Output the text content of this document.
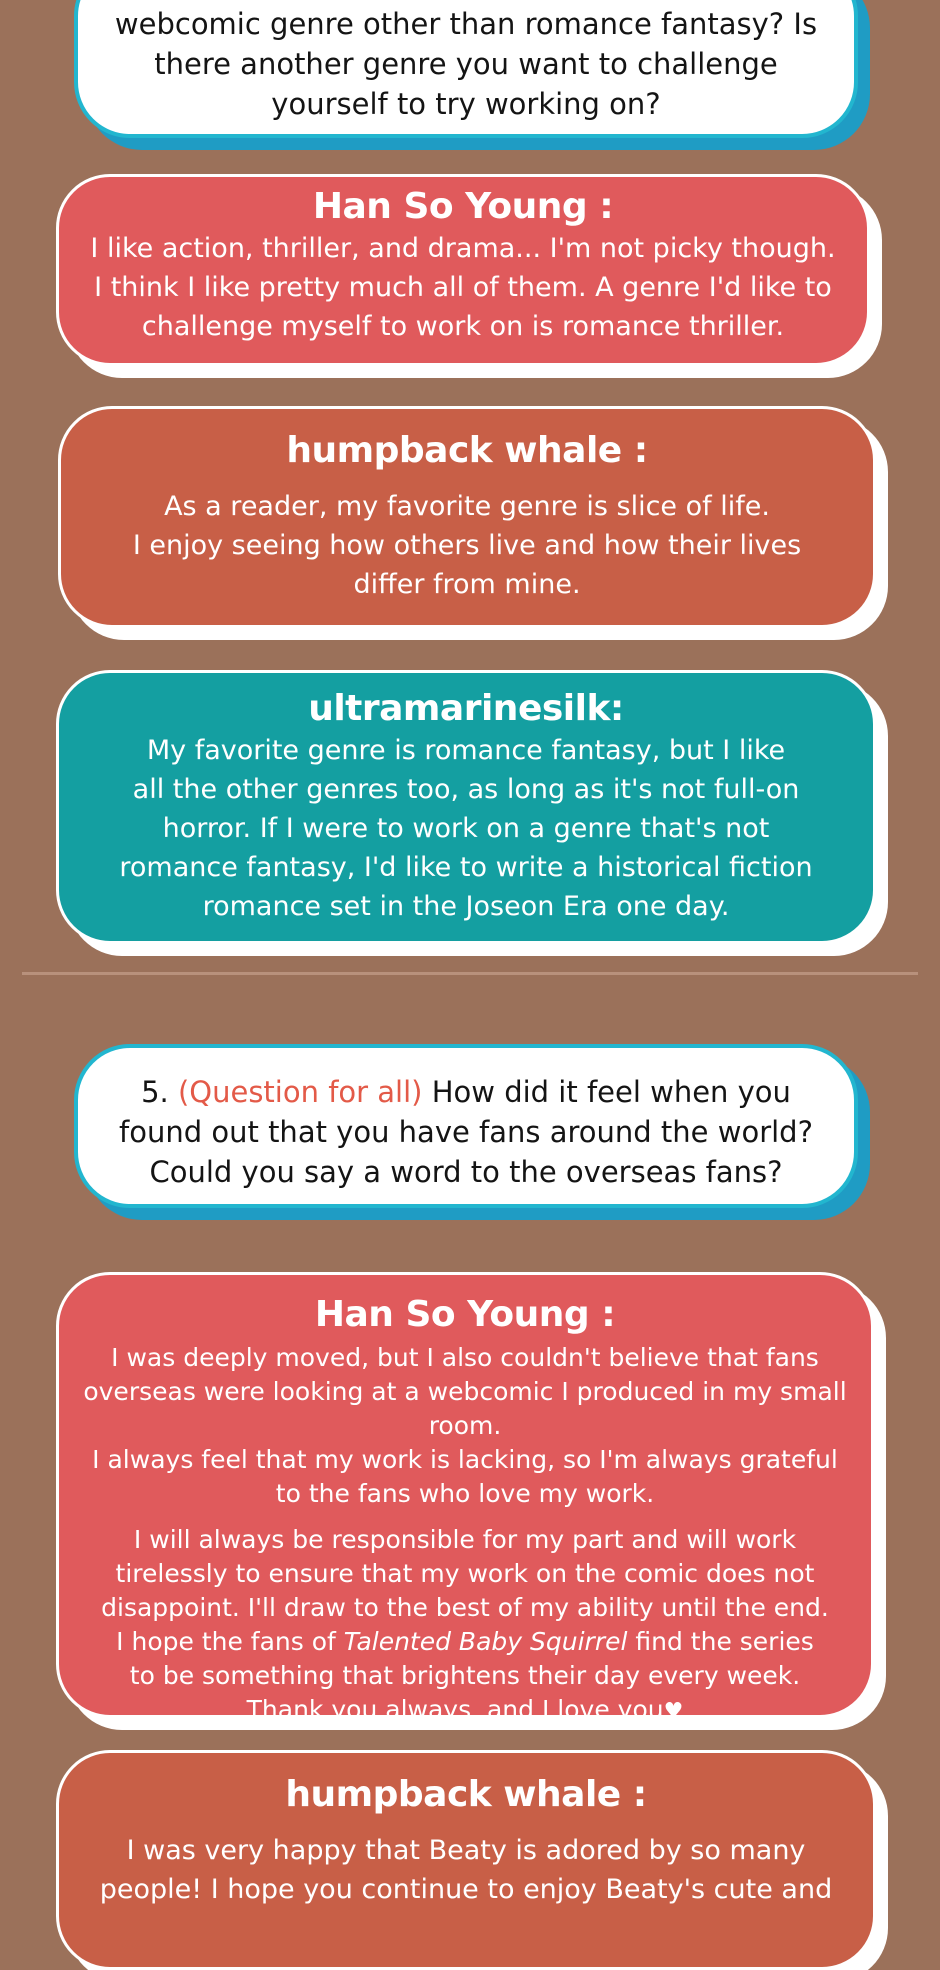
webcomic genre other than romance fantasy? Is

there another genre you want to challenge

yourself to try working on?

Han So Young :

I like action, thriller, and drama... I'm not picky though.

I think I like pretty much all of them. A genre I'd like to

challenge myself to work on is romance thriller.

humpback whale :

As a reader, my favorite genre is slice of life.

I enjoy seeing how others live and how their lives

differ from mine.

ultramarinesilk:

My favorite genre is romance fantasy, but I like

all the other genres too, as long as it's not full-on

horror. If I were to work on a genre that's not

romance fantasy, I'd like to write a historical fiction

romance set in the Joseon Era one day.

5. (Question for all) How did it feel when you

found out that you have fans around the world?

Could you say a word to the overseas fans?

Han So Young :

I was deeply moved, but I also couldn't believe that fans

overseas were looking at a webcomic I produced in my small room.

I always feel that my work is lacking, so I'm always grateful

to the fans who love my work.

I will always be responsible for my part and will work

tirelessly to ensure that my work on the comic does not

disappoint. I'll draw to the best of my ability until the end.

I hope the fans of Talented Baby Squirrel find the series

to be something that brightens their day every week.

Thank you always, and I love you♥

humpback whale :

I was very happy that Beaty is adored by so many

people! I hope you continue to enjoy Beaty's cute and
